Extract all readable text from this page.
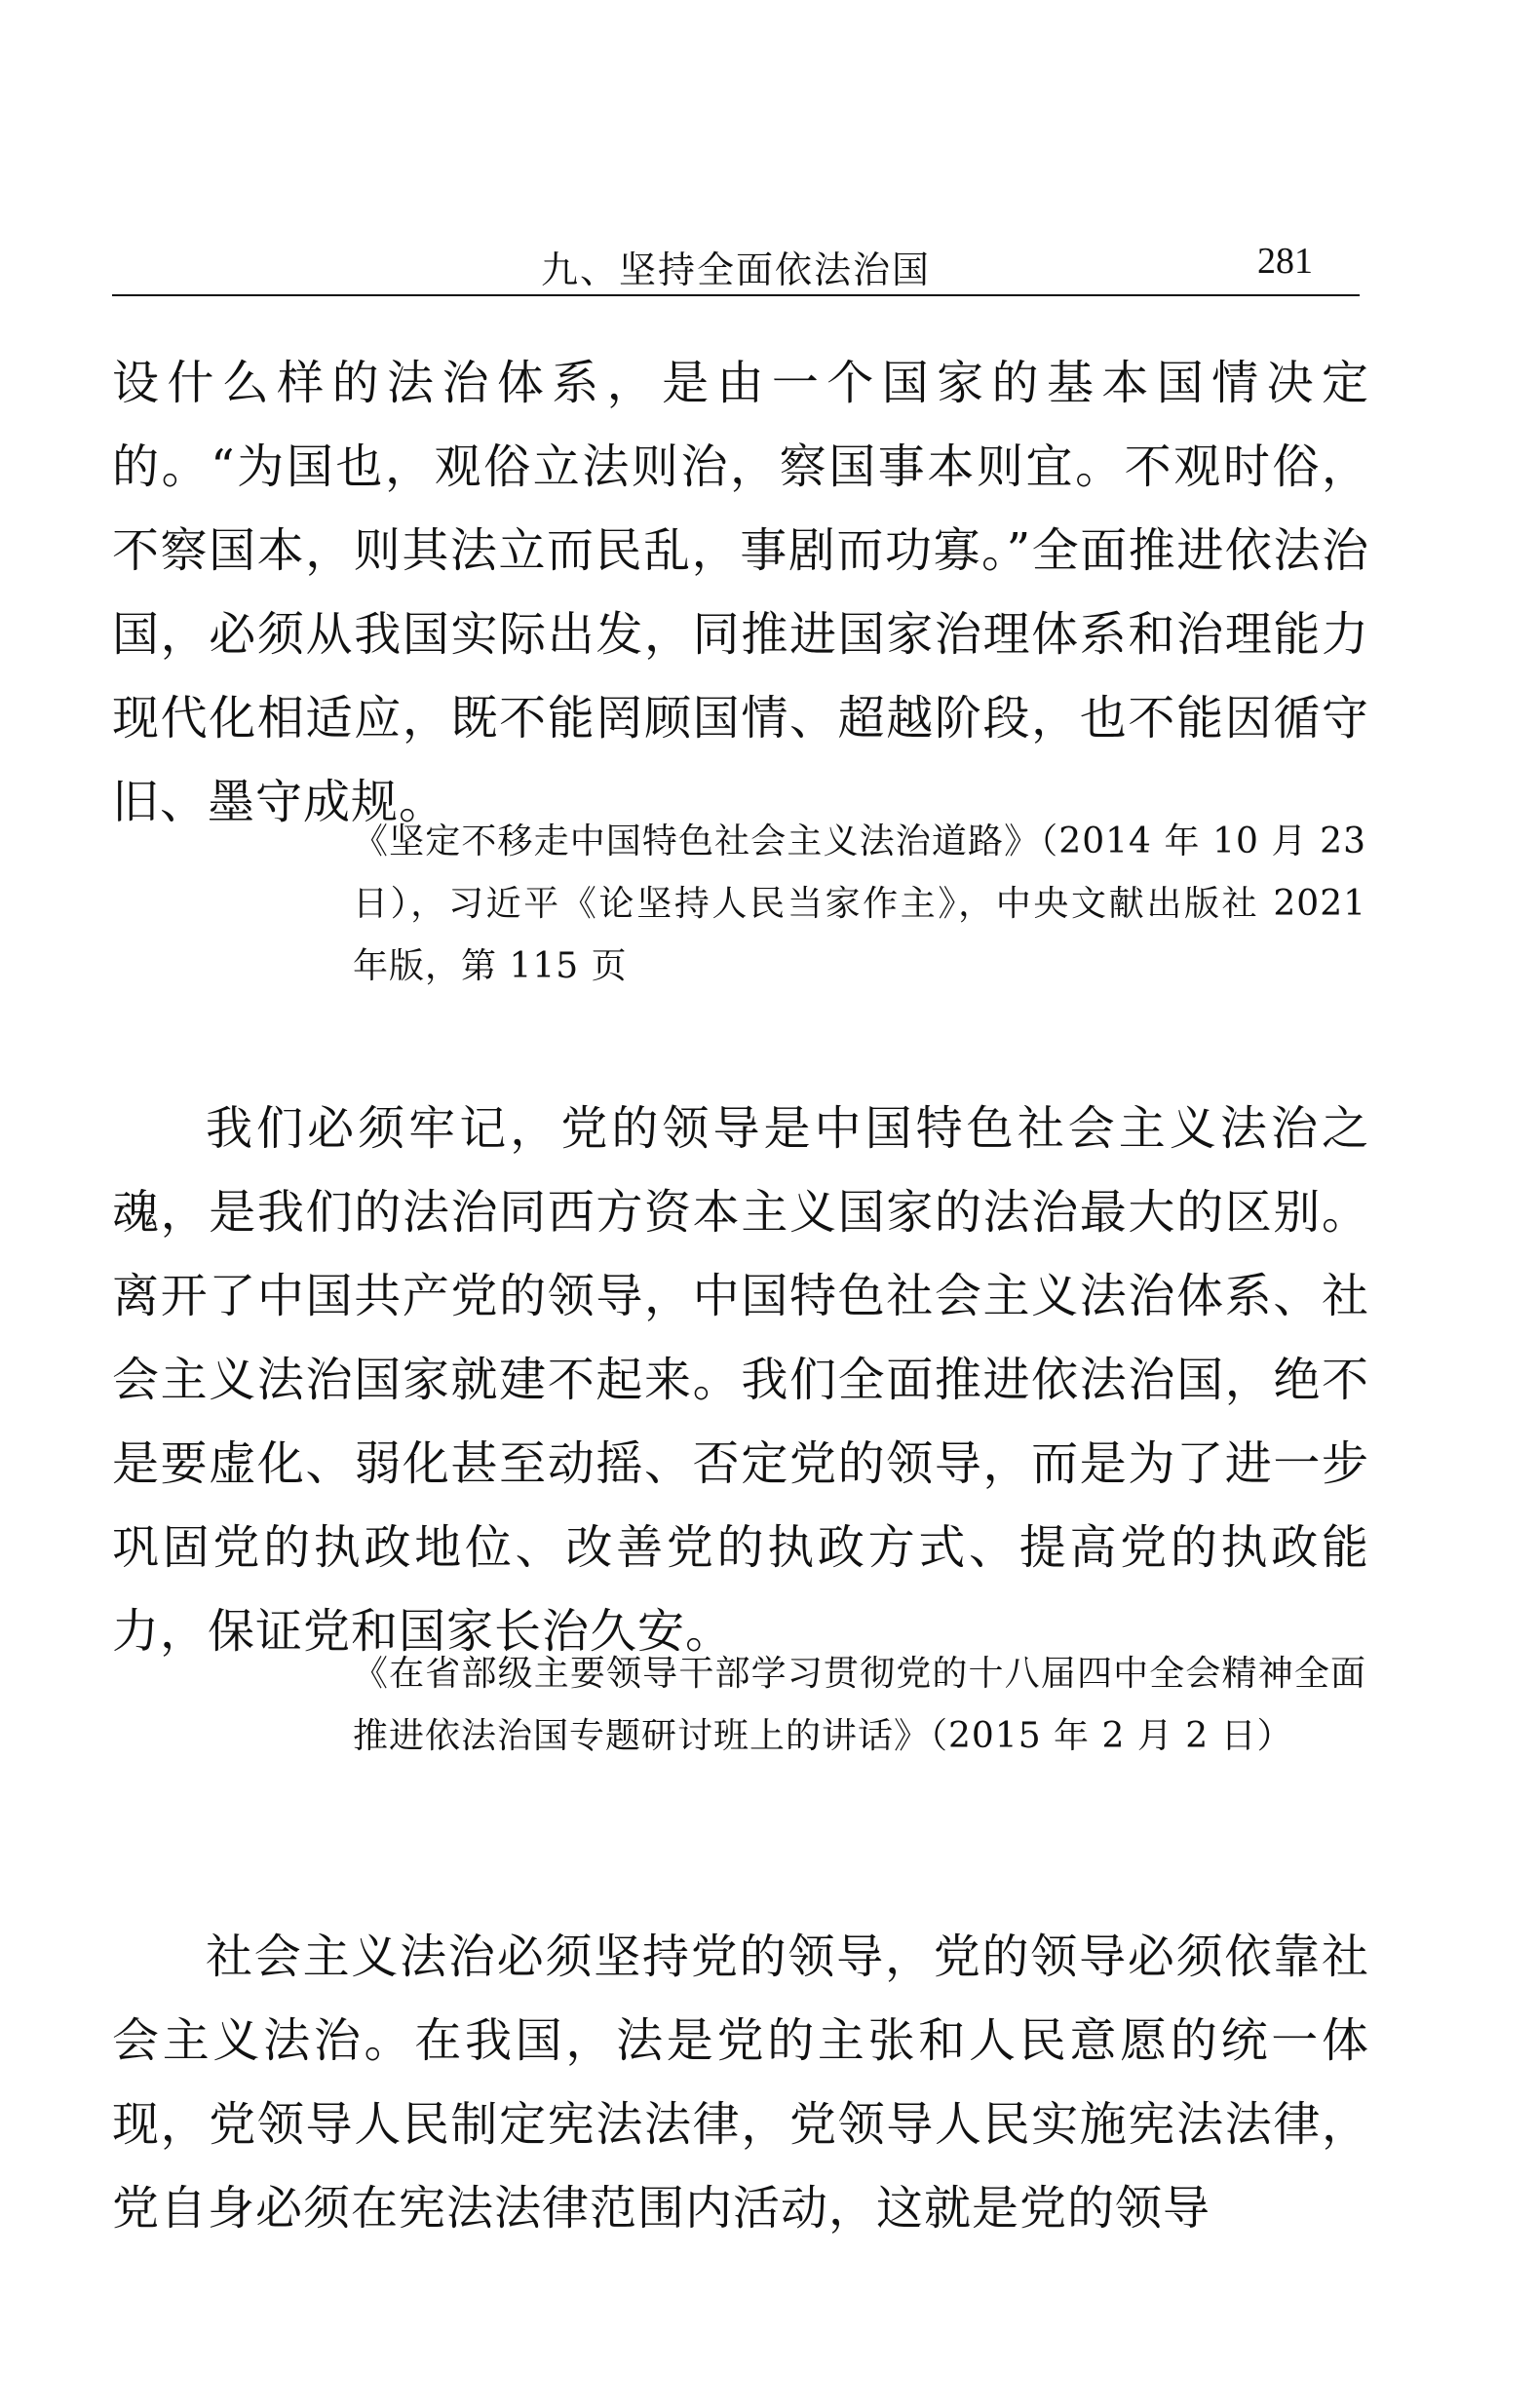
九、坚持全面依法治国	281

设什么样的法治体系，是由一个国家的基本国情决定的。“为国也，观俗立法则治，察国事本则宜。不观时俗，不察国本，则其法立而民乱，事剧而功寡。”全面推进依法治国，必须从我国实际出发，同推进国家治理体系和治理能力现代化相适应，既不能罔顾国情、超越阶段，也不能因循守旧、墨守成规。

《坚定不移走中国特色社会主义法治道路》（2014 年 10 月 23 日），习近平《论坚持人民当家作主》，中央文献出版社 2021 年版，第 115 页

我们必须牢记，党的领导是中国特色社会主义法治之魂，是我们的法治同西方资本主义国家的法治最大的区别。离开了中国共产党的领导，中国特色社会主义法治体系、社会主义法治国家就建不起来。我们全面推进依法治国，绝不是要虚化、弱化甚至动摇、否定党的领导，而是为了进一步巩固党的执政地位、改善党的执政方式、提高党的执政能力，保证党和国家长治久安。

《在省部级主要领导干部学习贯彻党的十八届四中全会精神全面推进依法治国专题研讨班上的讲话》（2015 年 2 月 2 日）

社会主义法治必须坚持党的领导，党的领导必须依靠社会主义法治。在我国，法是党的主张和人民意愿的统一体现，党领导人民制定宪法法律，党领导人民实施宪法法律，党自身必须在宪法法律范围内活动，这就是党的领导
